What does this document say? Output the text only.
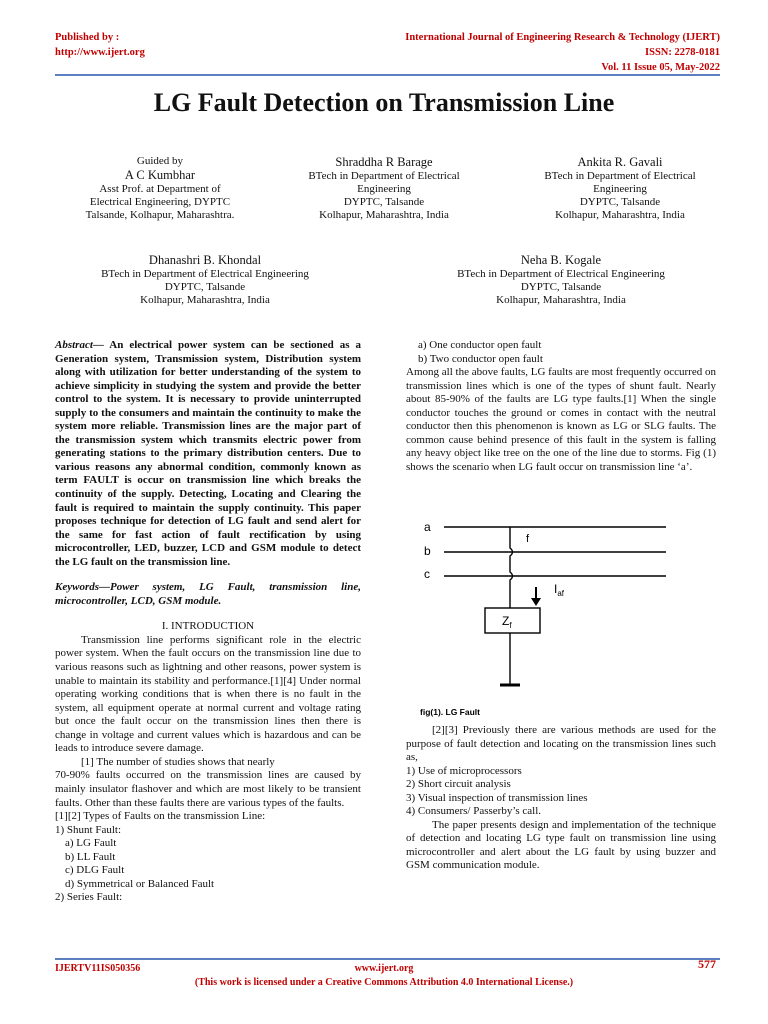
Published by :
http://www.ijert.org
International Journal of Engineering Research & Technology (IJERT)
ISSN: 2278-0181
Vol. 11 Issue 05, May-2022
LG Fault Detection on Transmission Line
Guided by
A C Kumbhar
Asst Prof. at Department of
Electrical Engineering, DYPTC
Talsande, Kolhapur, Maharashtra.
Shraddha R Barage
BTech in Department of Electrical
Engineering
DYPTC, Talsande
Kolhapur, Maharashtra, India
Ankita R. Gavali
BTech in Department of Electrical
Engineering
DYPTC, Talsande
Kolhapur, Maharashtra, India
Dhanashri B. Khondal
BTech in Department of Electrical Engineering
DYPTC, Talsande
Kolhapur, Maharashtra, India
Neha B. Kogale
BTech in Department of Electrical Engineering
DYPTC, Talsande
Kolhapur, Maharashtra, India

Abstract— An electrical power system can be sectioned as a Generation system, Transmission system, Distribution system along with utilization for better understanding of the system to achieve simplicity in studying the system and provide the better control to the system. It is necessary to provide uninterrupted supply to the consumers and maintain the continuity to make the system more reliable. Transmission lines are the major part of the transmission system which transmits electric power from generating stations to the primary distribution centers. Due to various reasons any abnormal condition, commonly known as term FAULT is occur on transmission line which breaks the continuity of the supply. Detecting, Locating and Clearing the fault is required to maintain the supply continuity. This paper proposes technique for detection of LG fault and send alert for the same for fast action of fault rectification by using microcontroller, LED, buzzer, LCD and GSM module to detect the LG fault on the transmission line.

Keywords—Power system, LG Fault, transmission line, microcontroller, LCD, GSM module.

I. INTRODUCTION

Transmission line performs significant role in the electric power system. When the fault occurs on the transmission line due to various reasons such as lightning and other reasons, power system is unable to maintain its stability and performance.[1][4] Under normal operating working conditions that is when there is no fault in the system, all equipment operate at normal current and voltage rating but once the fault occur on the transmission lines then there is change in voltage and current values which is hazardous and can be leads to introduce severe damage.

[1] The number of studies shows that nearly

70-90% faults occurred on the transmission lines are caused by mainly insulator flashover and which are most likely to be transient faults. Other than these faults there are various types of the faults.

[1][2] Types of Faults on the transmission Line:

1) Shunt Fault:

a) LG Fault

b) LL Fault

c) DLG Fault

d) Symmetrical or Balanced Fault

2) Series Fault:

a) One conductor open fault

b) Two conductor open fault

Among all the above faults, LG faults are most frequently occurred on transmission lines which is one of the types of shunt fault. Nearly about 85-90% of the faults are LG type faults.[1] When the single conductor touches the ground or comes in contact with the neutral conductor then this phenomenon is known as LG or SLG faults. The common cause behind presence of this fault in the system is falling any heavy object like tree on the one of the line due to storms. Fig (1) shows the scenario when LG fault occur on transmission line ‘a’.

a
b
c
f
$I_{af}$
$Z_f$
fig(1). LG Fault

[2][3] Previously there are various methods are used for the purpose of fault detection and locating on the transmission lines such as,

1) Use of microprocessors

2) Short circuit analysis

3) Visual inspection of transmission lines

4) Consumers/ Passerby’s call.

The paper presents design and implementation of the technique of detection and locating LG type fault on transmission line using microcontroller and alert about the LG fault by using buzzer and GSM communication module.

IJERTV11IS050356	www.ijert.org	577
(This work is licensed under a Creative Commons Attribution 4.0 International License.)
